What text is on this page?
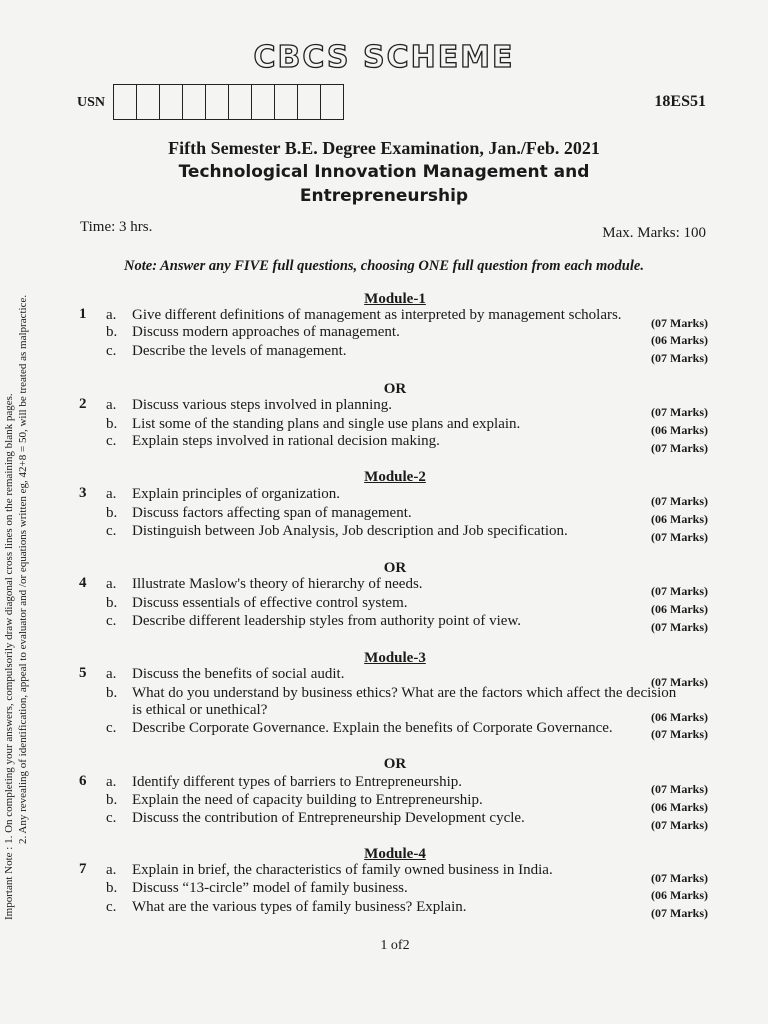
CBCS SCHEME
USN	18ES51
Fifth Semester B.E. Degree Examination, Jan./Feb. 2021
Technological Innovation Management and
Entrepreneurship
Time: 3 hrs.	Max. Marks: 100
Note: Answer any FIVE full questions, choosing ONE full question from each module.
Important Note : 1. On completing your answers, compulsorily draw diagonal cross lines on the remaining blank pages. 2. Any revealing of identification, appeal to evaluator and /or equations written eg, 42+8 = 50, will be treated as malpractice.	Module-1
1 a.	Give different definitions of management as interpreted by management scholars. (07 Marks)
b. Discuss modern approaches of management.	(06 Marks)
c.	Describe the levels of management.	(07 Marks)
OR
2 a.	Discuss various steps involved in planning.	(07 Marks)
b. List some of the standing plans and single use plans and explain.	(06 Marks)
c.	Explain steps involved in rational decision making.	(07 Marks)
Module-2
3 a.	Explain principles of organization.	(07 Marks)
b. Discuss factors affecting span of management.	(06 Marks)
c.	Distinguish between Job Analysis, Job description and Job specification.	(07 Marks)
OR
4 a.	Illustrate Maslow's theory of hierarchy of needs.	(07 Marks)
b. Discuss essentials of effective control system.	(06 Marks)
c.	Describe different leadership styles from authority point of view.	(07 Marks)
Module-3
5 a.	Discuss the benefits of social audit.	(07 Marks)
b. What do you understand by business ethics? What are the factors which affect the decision
is ethical or unethical?	(06 Marks)
c.	Describe Corporate Governance. Explain the benefits of Corporate Governance.	(07 Marks)
OR
6 a.	Identify different types of barriers to Entrepreneurship.	(07 Marks)
b. Explain the need of capacity building to Entrepreneurship.	(06 Marks)
c.	Discuss the contribution of Entrepreneurship Development cycle.	(07 Marks)
Module-4
7 a.	Explain in brief, the characteristics of family owned business in India.	(07 Marks)
b. Discuss “13-circle” model of family business.	(06 Marks)
c.	What are the various types of family business? Explain.	(07 Marks)
1 of2
